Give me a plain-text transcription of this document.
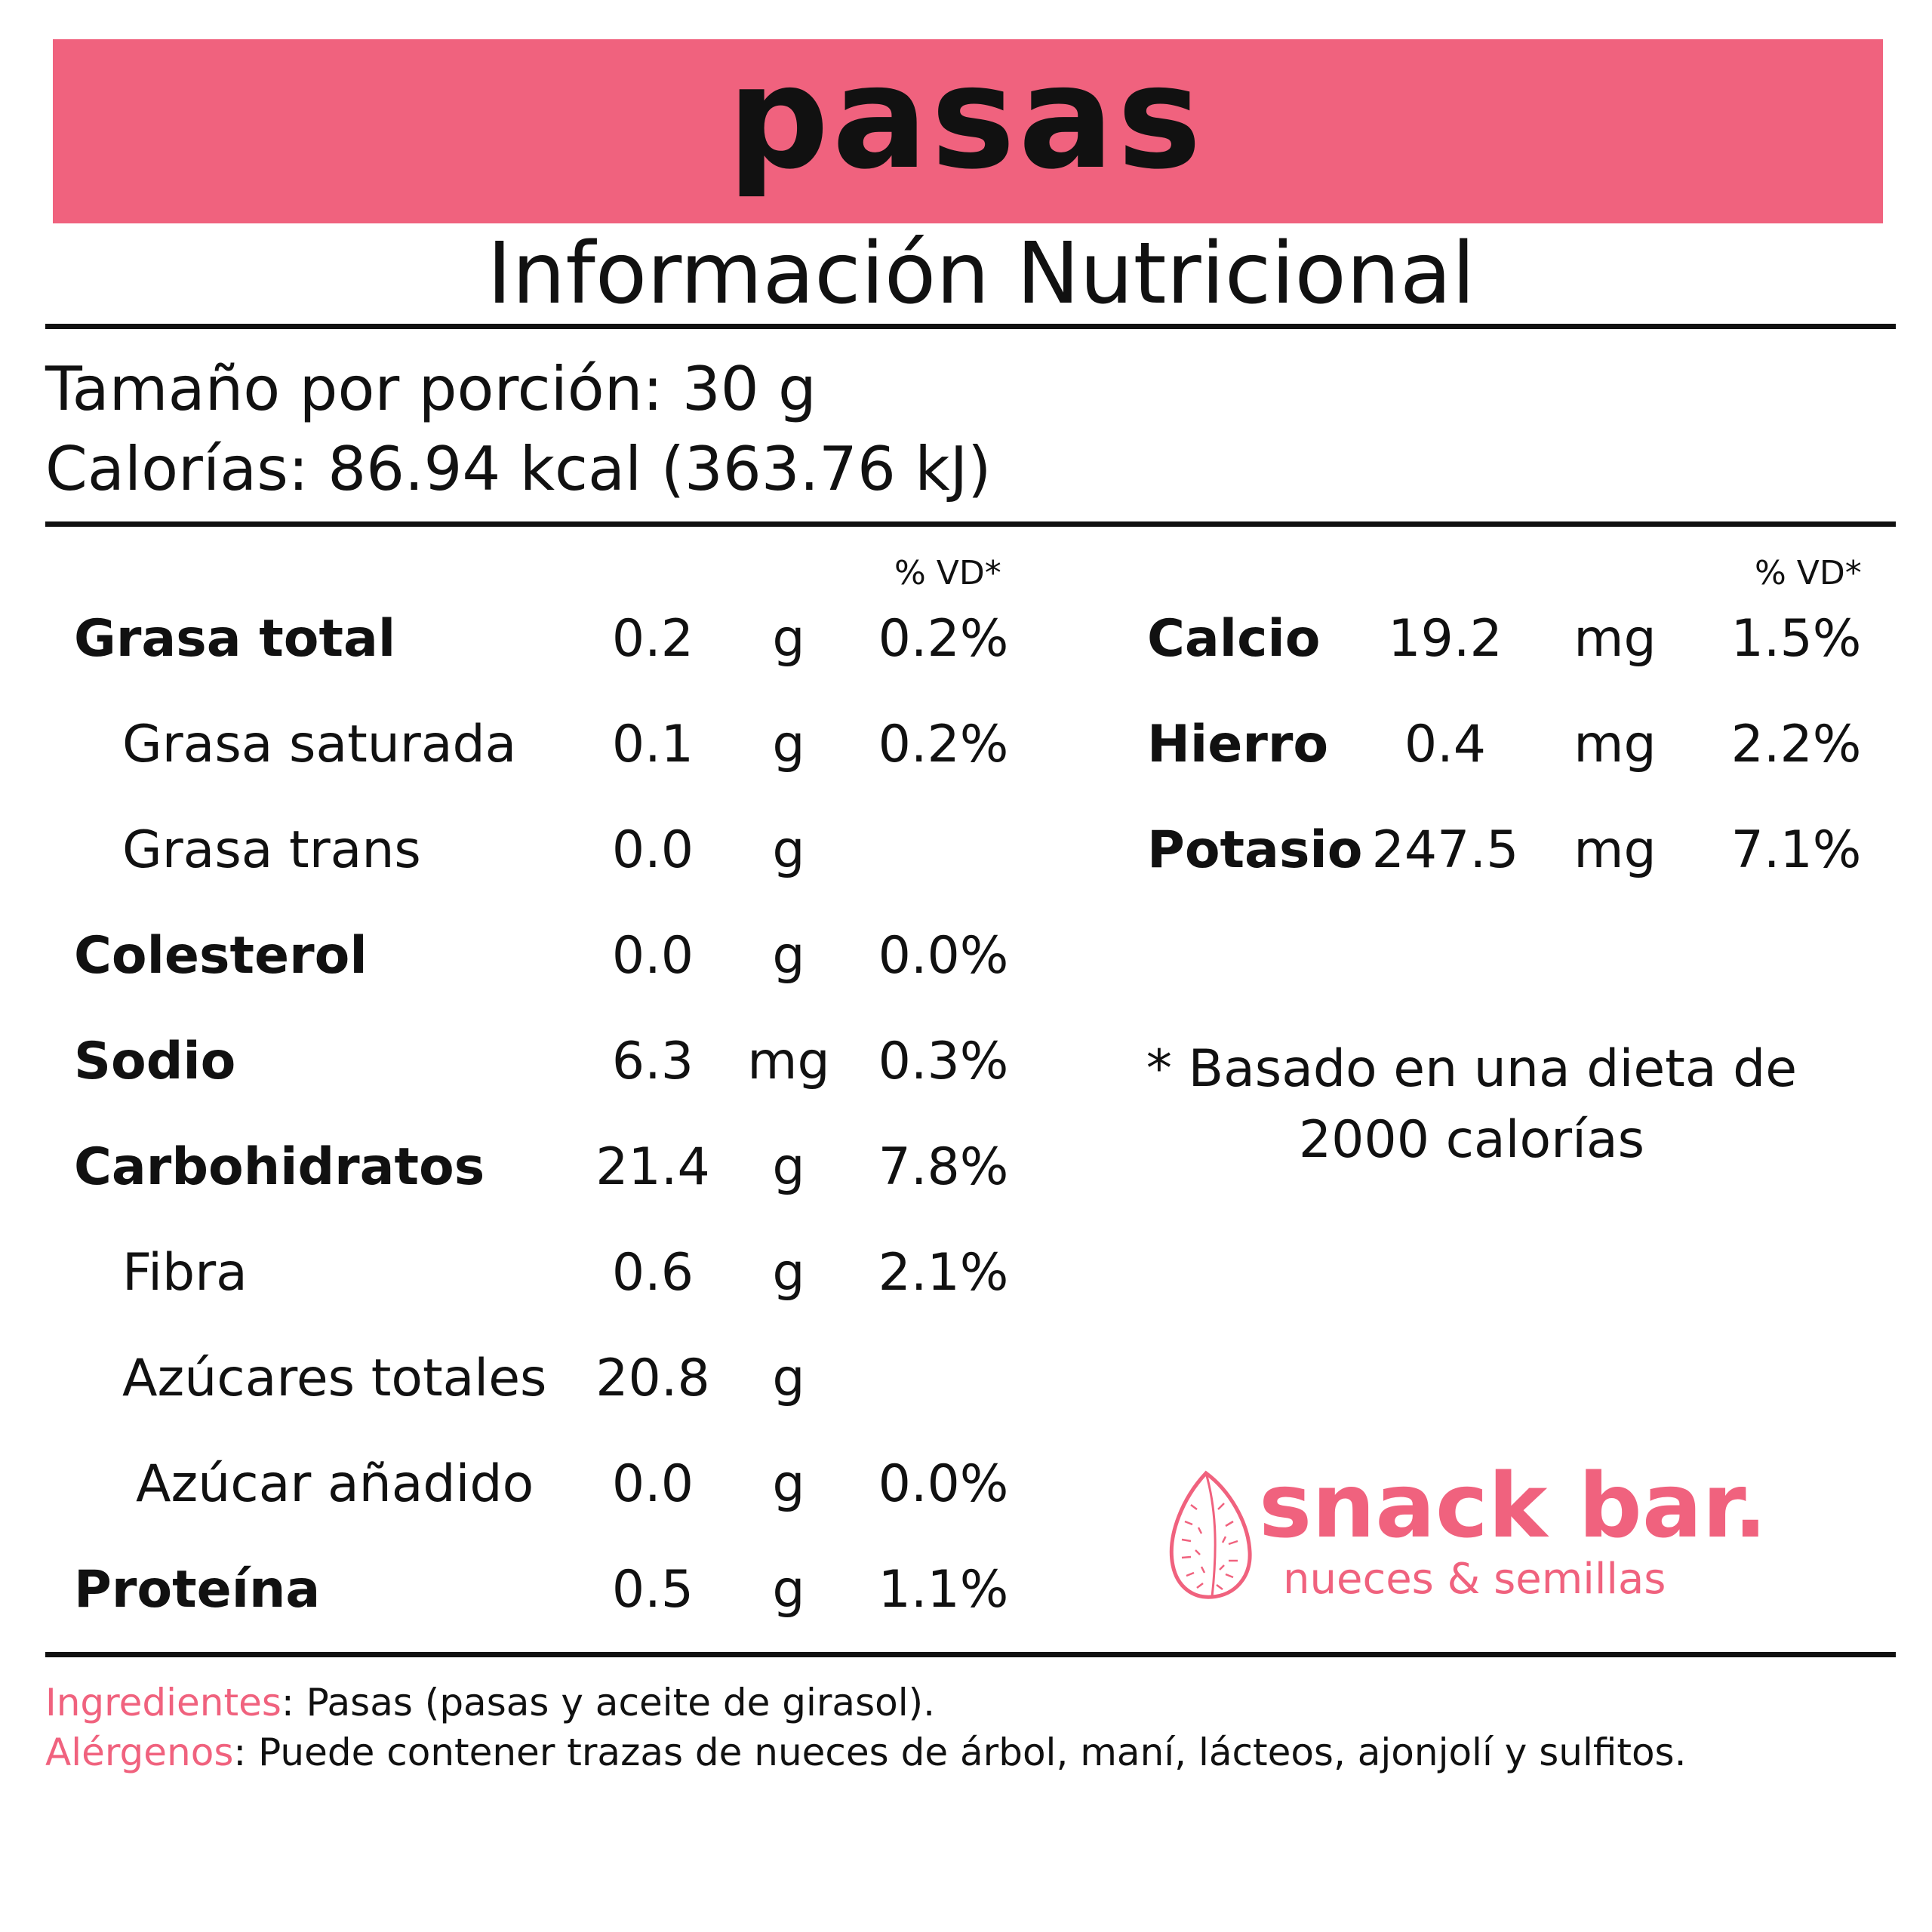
pasas
Información Nutricional
Tamaño por porción: 30 g
Calorías: 86.94 kcal (363.76 kJ)
% VD*	% VD*
Grasa total	0.2	g	0.2%
Grasa saturada	0.1	g	0.2%
Grasa trans	0.0	g
Colesterol	0.0	g	0.0%
Sodio	6.3	mg 0.3%
Carbohidratos	21.4	g	7.8%
Fibra	0.6	g	2.1%
Azúcares totales 20.8	g
Azúcar añadido	0.0	g	0.0%
Proteína	0.5	g	1.1%
Calcio	19.2	mg	1.5%
Hierro	0.4	mg	2.2%
Potasio 247.5 mg	7.1%
* Basado en una dieta de
2000 calorías
snack bar.
nueces & semillas
Ingredientes: Pasas (pasas y aceite de girasol).
Alérgenos: Puede contener trazas de nueces de árbol, maní, lácteos, ajonjolí y sulfitos.
